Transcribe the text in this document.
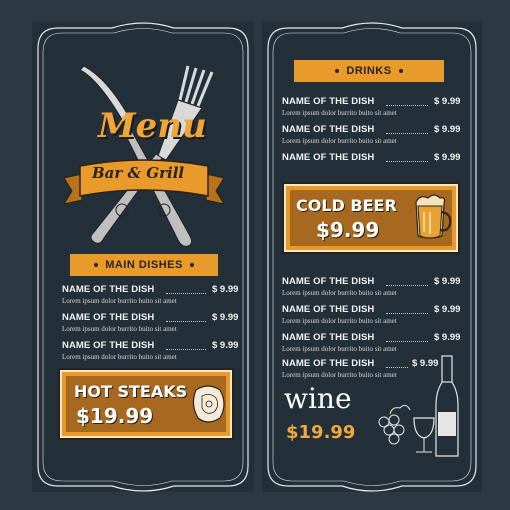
Menu
Bar & Grill
MAIN DISHES
NAME OF THE DISH	$ 9.99
Lorem ipsum dolor burrito buito sit amet
NAME OF THE DISH	$ 9.99
Lorem ipsum dolor burrito buito sit amet
NAME OF THE DISH	$ 9.99
Lorem ipsum dolor burrito buito sit amet
HOT STEAKS
$19.99
DRINKS
NAME OF THE DISH	$ 9.99
Lorem ipsum dolor burrito buito sit amet
NAME OF THE DISH	$ 9.99
Lorem ipsum dolor burrito buito sit amet
NAME OF THE DISH	$ 9.99
COLD BEER
$9.99
NAME OF THE DISH	$ 9.99
Lorem ipsum dolor burrito buito sit amet
NAME OF THE DISH	$ 9.99
Lorem ipsum dolor burrito buito sit amet
NAME OF THE DISH	$ 9.99
Lorem ipsum dolor burrito buito sit amet
NAME OF THE DISH	$ 9.99
Lorem ipsum dolor burrito buito sit amet
wine
$19.99
